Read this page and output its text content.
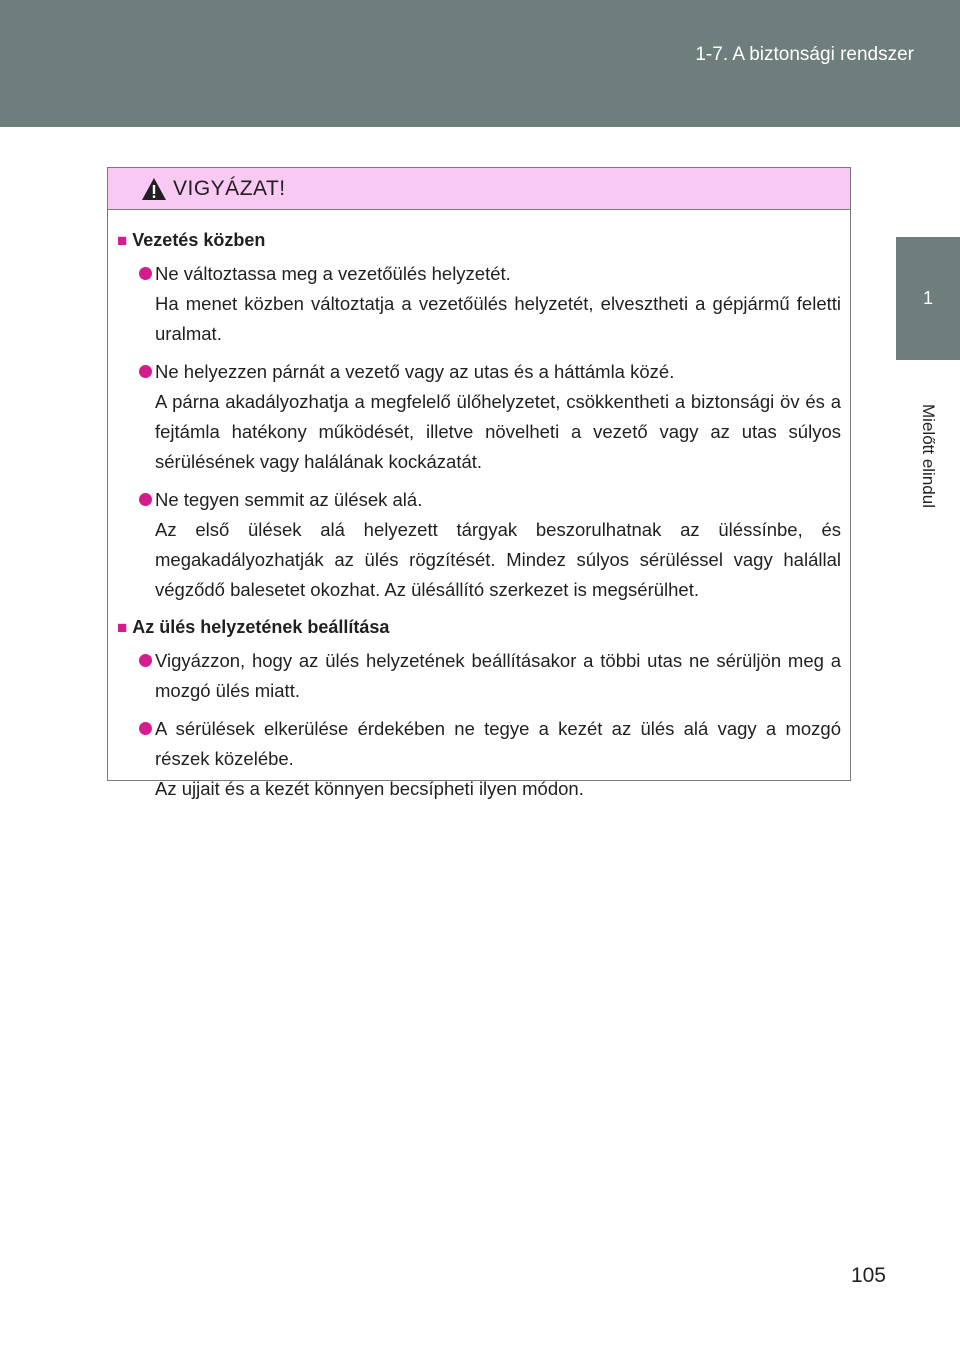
1-7. A biztonsági rendszer
1
Mielőtt elindul
VIGYÁZAT!
■ Vezetés közben
Ne változtassa meg a vezetőülés helyzetét.
Ha menet közben változtatja a vezetőülés helyzetét, elvesztheti a gépjármű feletti uralmat.
Ne helyezzen párnát a vezető vagy az utas és a háttámla közé.
A párna akadályozhatja a megfelelő ülőhelyzetet, csökkentheti a biztonsági öv és a fejtámla hatékony működését, illetve növelheti a vezető vagy az utas súlyos sérülésének vagy halálának kockázatát.
Ne tegyen semmit az ülések alá.
Az első ülések alá helyezett tárgyak beszorulhatnak az üléssínbe, és megakadályozhatják az ülés rögzítését. Mindez súlyos sérüléssel vagy halállal végződő balesetet okozhat. Az ülésállító szerkezet is megsérülhet.
■ Az ülés helyzetének beállítása
Vigyázzon, hogy az ülés helyzetének beállításakor a többi utas ne sérüljön meg a mozgó ülés miatt.
A sérülések elkerülése érdekében ne tegye a kezét az ülés alá vagy a mozgó részek közelébe.
Az ujjait és a kezét könnyen becsípheti ilyen módon.
105
